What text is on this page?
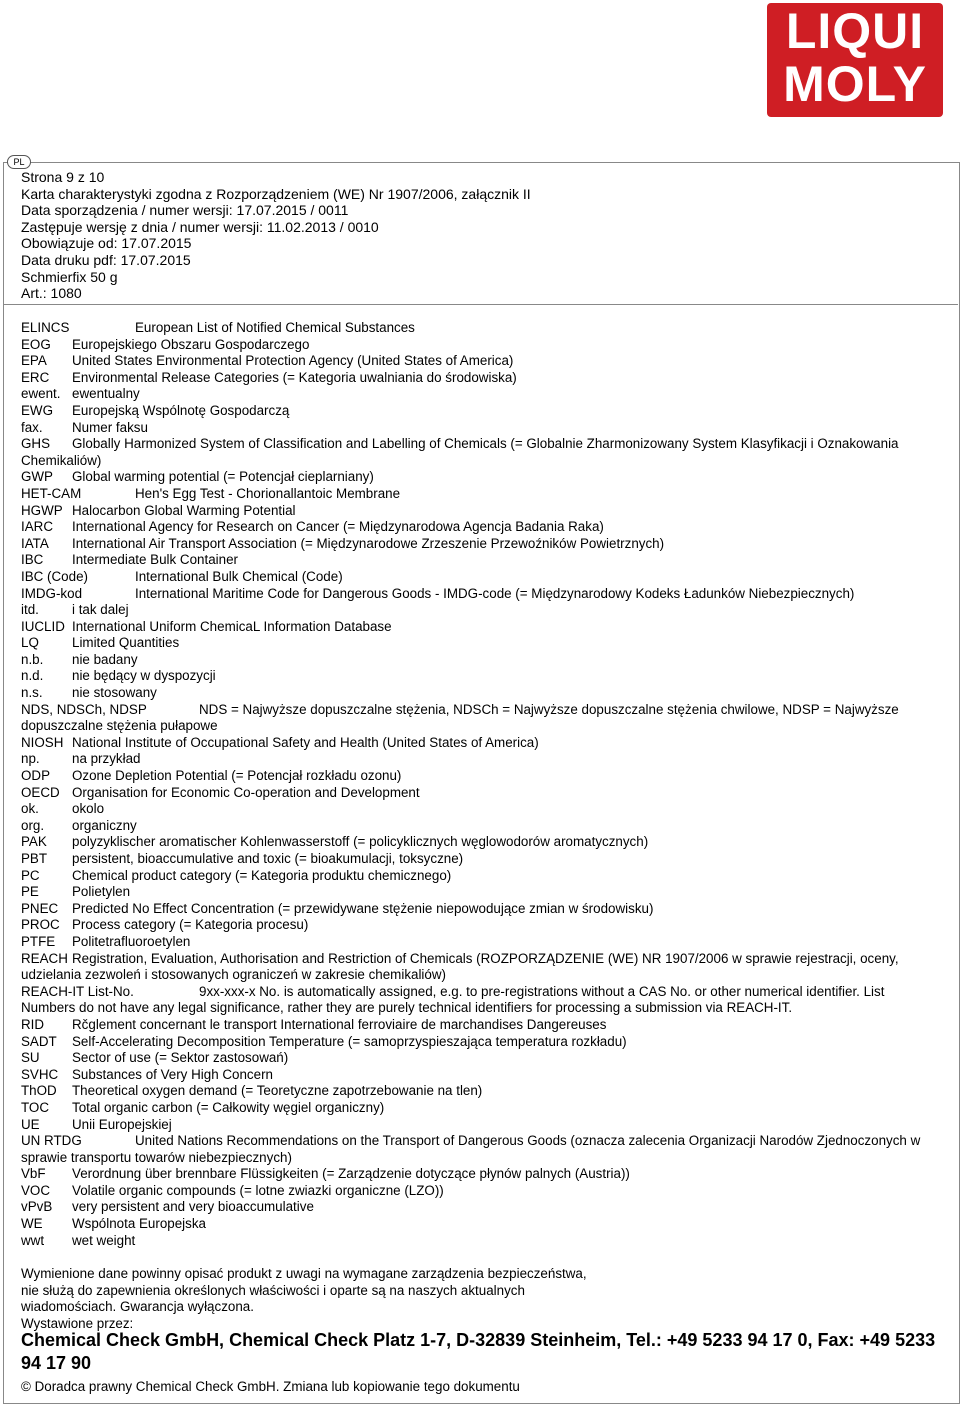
LIQUI
MOLY
PL
Strona 9 z 10
Karta charakterystyki zgodna z Rozporządzeniem (WE) Nr 1907/2006, załącznik II
Data sporządzenia / numer wersji: 17.07.2015 / 0011
Zastępuje wersję z dnia / numer wersji: 11.02.2013 / 0010
Obowiązuje od: 17.07.2015
Data druku pdf: 17.07.2015
Schmierfix 50 g
Art.: 1080
ELINCS	European List of Notified Chemical Substances
EOG Europejskiego Obszaru Gospodarczego
EPA United States Environmental Protection Agency (United States of America)
ERC Environmental Release Categories (= Kategoria uwalniania do środowiska)
ewent. ewentualny
EWG Europejską Wspólnotę Gospodarczą
fax. Numer faksu
GHS Globally Harmonized System of Classification and Labelling of Chemicals (= Globalnie Zharmonizowany System Klasyfikacji i Oznakowania Chemikaliów)
GWP Global warming potential (= Potencjał cieplarniany)
HET-CAM	Hen's Egg Test - Chorionallantoic Membrane
HGWP Halocarbon Global Warming Potential
IARC International Agency for Research on Cancer (= Międzynarodowa Agencja Badania Raka)
IATA International Air Transport Association (= Międzynarodowe Zrzeszenie Przewoźników Powietrznych)
IBC Intermediate Bulk Container
IBC (Code)	International Bulk Chemical (Code)
IMDG-kod	International Maritime Code for Dangerous Goods - IMDG-code (= Międzynarodowy Kodeks Ładunków Niebezpiecznych)
itd. i tak dalej
IUCLID International Uniform ChemicaL Information Database
LQ Limited Quantities
n.b. nie badany
n.d. nie będący w dyspozycji
n.s. nie stosowany
NDS, NDSCh, NDSP	NDS = Najwyższe dopuszczalne stężenia, NDSCh = Najwyższe dopuszczalne stężenia chwilowe, NDSP = Najwyższe dopuszczalne stężenia pułapowe
NIOSH National Institute of Occupational Safety and Health (United States of America)
np. na przykład
ODP Ozone Depletion Potential (= Potencjał rozkładu ozonu)
OECD Organisation for Economic Co-operation and Development
ok. okolo
org. organiczny
PAK polyzyklischer aromatischer Kohlenwasserstoff (= policyklicznych węglowodorów aromatycznych)
PBT persistent, bioaccumulative and toxic (= bioakumulacji, toksyczne)
PC Chemical product category (= Kategoria produktu chemicznego)
PE Polietylen
PNEC Predicted No Effect Concentration (= przewidywane stężenie niepowodujące zmian w środowisku)
PROC Process category (= Kategoria procesu)
PTFE Politetrafluoroetylen
REACH Registration, Evaluation, Authorisation and Restriction of Chemicals (ROZPORZĄDZENIE (WE) NR 1907/2006 w sprawie rejestracji, oceny, udzielania zezwoleń i stosowanych ograniczeń w zakresie chemikaliów)
REACH-IT List-No.	9xx-xxx-x No. is automatically assigned, e.g. to pre-registrations without a CAS No. or other numerical identifier. List Numbers do not have any legal significance, rather they are purely technical identifiers for processing a submission via REACH-IT.
RID Rčglement concernant le transport International ferroviaire de marchandises Dangereuses
SADT Self-Accelerating Decomposition Temperature (= samoprzyspieszająca temperatura rozkładu)
SU Sector of use (= Sektor zastosowań)
SVHC Substances of Very High Concern
ThOD Theoretical oxygen demand (= Teoretyczne zapotrzebowanie na tlen)
TOC Total organic carbon (= Całkowity węgiel organiczny)
UE Unii Europejskiej
UN RTDG	United Nations Recommendations on the Transport of Dangerous Goods (oznacza zalecenia Organizacji Narodów Zjednoczonych w sprawie transportu towarów niebezpiecznych)
VbF Verordnung über brennbare Flüssigkeiten (= Zarządzenie dotyczące płynów palnych (Austria))
VOC Volatile organic compounds (= lotne zwiazki organiczne (LZO))
vPvB very persistent and very bioaccumulative
WE Wspólnota Europejska
wwt wet weight
Wymienione dane powinny opisać produkt z uwagi na wymagane zarządzenia bezpieczeństwa,
nie służą do zapewnienia określonych właściwości i oparte są na naszych aktualnych
wiadomościach. Gwarancja wyłączona.
Wystawione przez:
Chemical Check GmbH, Chemical Check Platz 1-7, D-32839 Steinheim, Tel.: +49 5233 94 17 0, Fax: +49 5233 94 17 90
© Doradca prawny Chemical Check GmbH. Zmiana lub kopiowanie tego dokumentu
